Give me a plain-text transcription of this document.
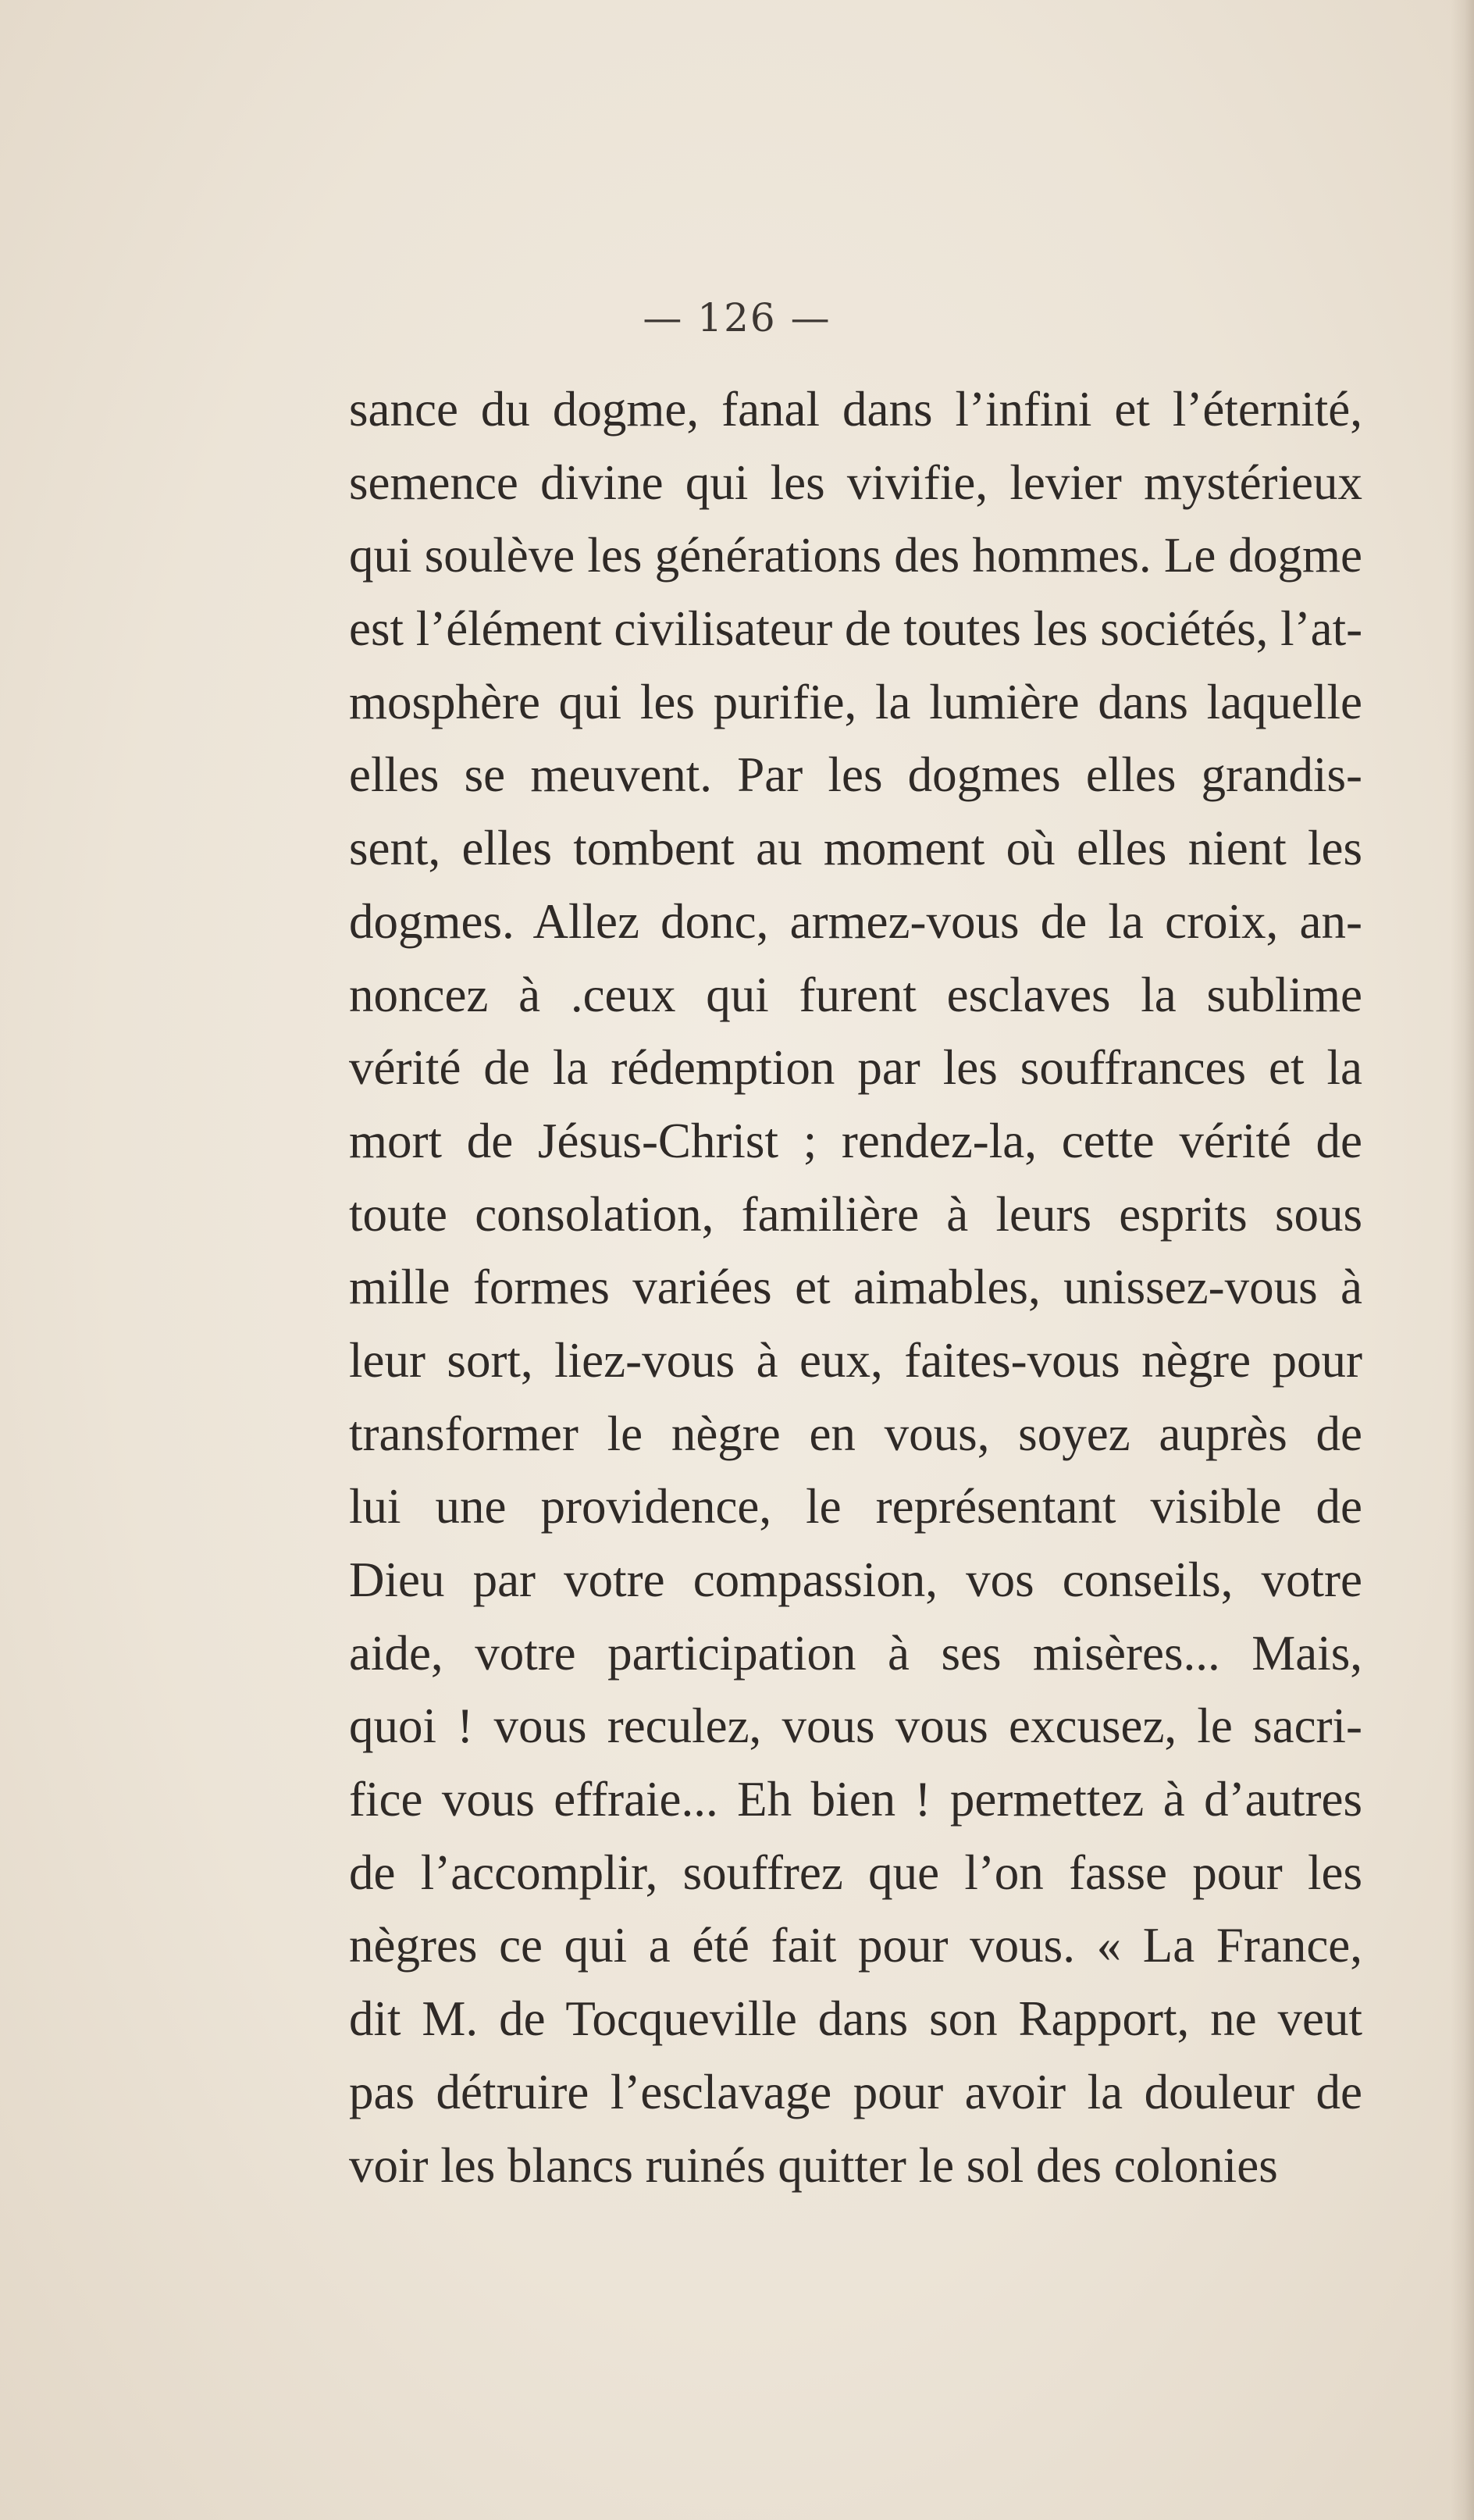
— 126 —
sance du dogme, fanal dans l’infini et l’éternité,
semence divine qui les vivifie, levier mystérieux
qui soulève les générations des hommes. Le dogme
est l’élément civilisateur de toutes les sociétés, l’at-
mosphère qui les purifie, la lumière dans laquelle
elles se meuvent. Par les dogmes elles grandis-
sent, elles tombent au moment où elles nient les
dogmes. Allez donc, armez-vous de la croix, an-
noncez à .ceux qui furent esclaves la sublime
vérité de la rédemption par les souffrances et la
mort de Jésus-Christ ; rendez-la, cette vérité de
toute consolation, familière à leurs esprits sous
mille formes variées et aimables, unissez-vous à
leur sort, liez-vous à eux, faites-vous nègre pour
transformer le nègre en vous, soyez auprès de
lui une providence, le représentant visible de
Dieu par votre compassion, vos conseils, votre
aide, votre participation à ses misères... Mais,
quoi ! vous reculez, vous vous excusez, le sacri-
fice vous effraie... Eh bien ! permettez à d’autres
de l’accomplir, souffrez que l’on fasse pour les
nègres ce qui a été fait pour vous. « La France,
dit M. de Tocqueville dans son Rapport, ne veut
pas détruire l’esclavage pour avoir la douleur de
voir les blancs ruinés quitter le sol des colonies
